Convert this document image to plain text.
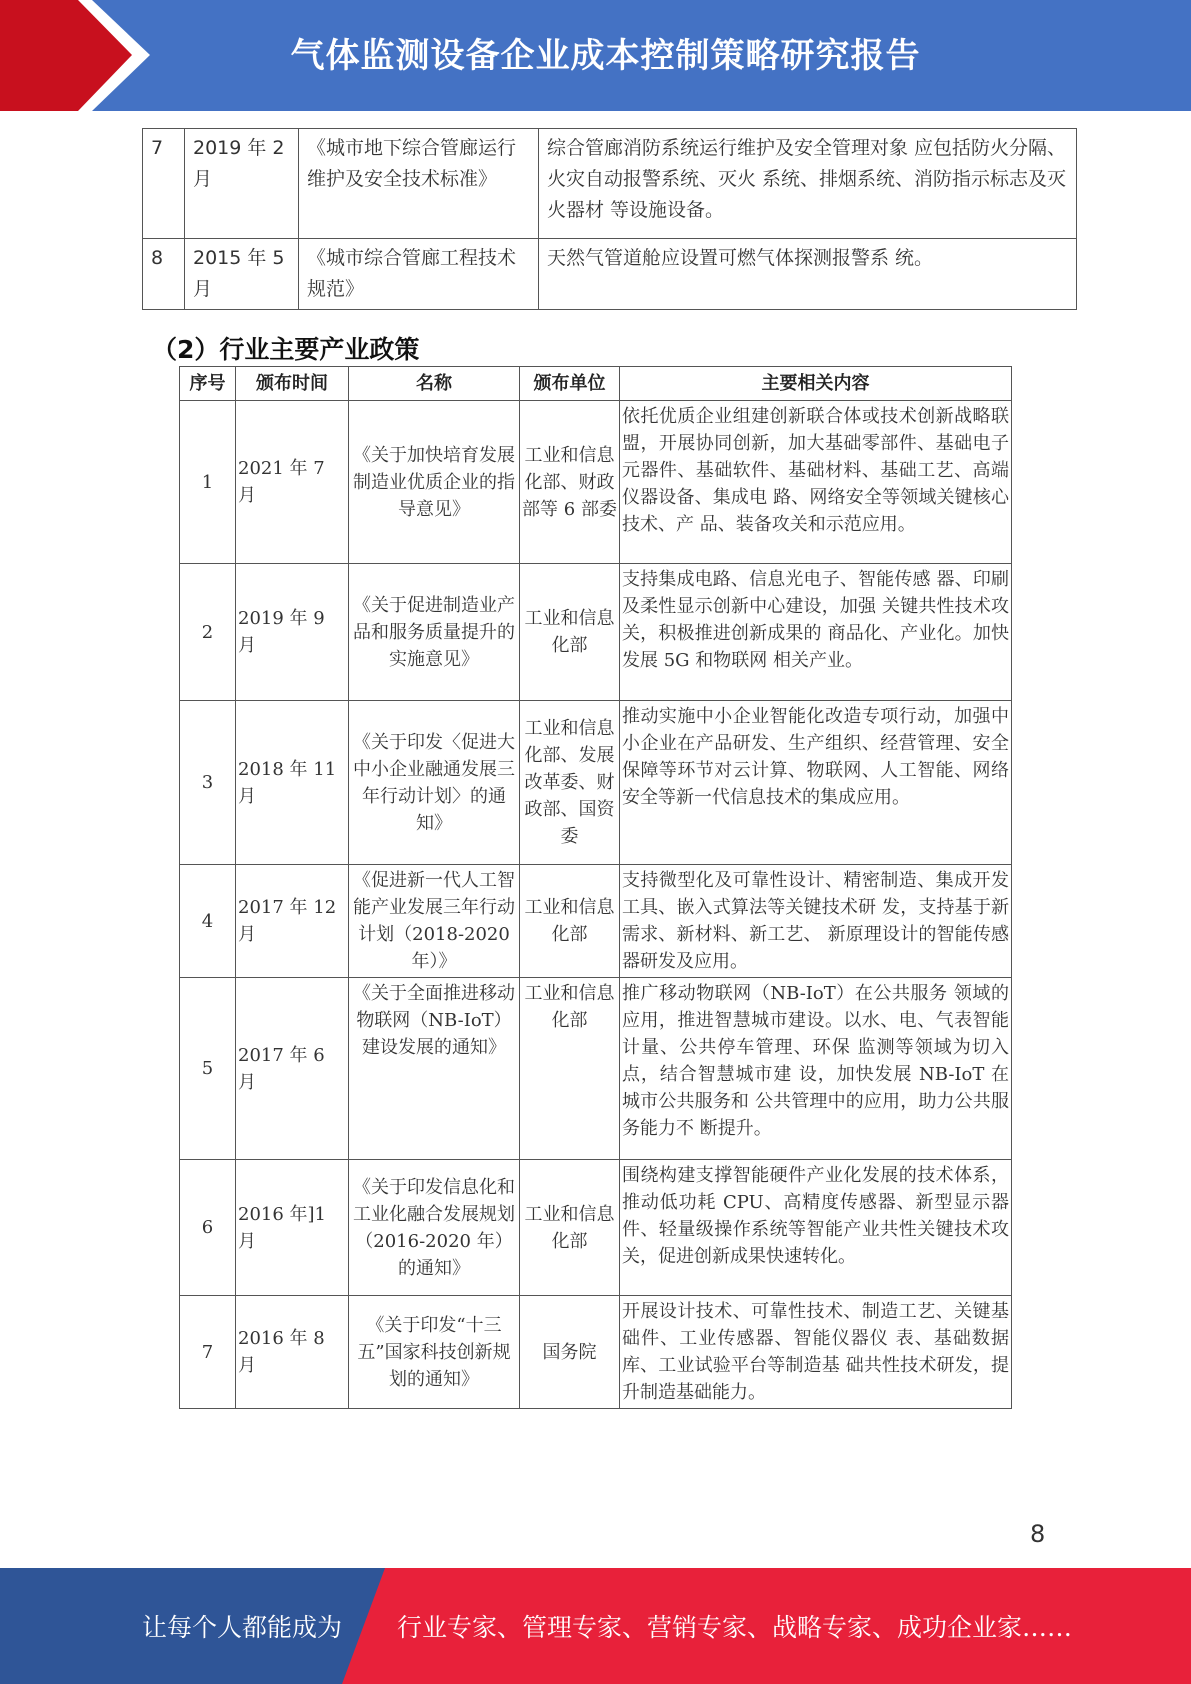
气体监测设备企业成本控制策略研究报告
7	2019 年 2 月	《城市地下综合管廊运行 维护及安全技术标准》	综合管廊消防系统运行维护及安全管理对象 应包括防火分隔、火灾自动报警系统、灭火 系统、排烟系统、消防指示标志及灭火器材 等设施设备。
8	2015 年 5 月	《城市综合管廊工程技术 规范》	天然气管道舱应设置可燃气体探测报警系 统。
（2）行业主要产业政策
序号	颁布时间	名称	颁布单位	主要相关内容
1	2021 年 7 月	《关于加快培育发展制造业优质企业的指导意见》	工业和信息化部、财政部等 6 部委	依托优质企业组建创新联合体或技术创新战略联盟，开展协同创新，加大基础零部件、基础电子元器件、基础软件、基础材料、基础工艺、高端仪器设备、集成电 路、网络安全等领域关键核心技术、产 品、装备攻关和示范应用。
2	2019 年 9 月	《关于促进制造业产品和服务质量提升的实施意见》	工业和信息化部	支持集成电路、信息光电子、智能传感 器、印刷及柔性显示创新中心建设，加强 关键共性技术攻关，积极推进创新成果的 商品化、产业化。加快发展 5G 和物联网 相关产业。
3	2018 年 11 月	《关于印发〈促进大中小企业融通发展三年行动计划〉的通知》	工业和信息化部、发展改革委、财政部、国资委	推动实施中小企业智能化改造专项行动，加强中小企业在产品研发、生产组织、经营管理、安全保障等环节对云计算、物联网、人工智能、网络安全等新一代信息技术的集成应用。
4	2017 年 12 月	《促进新一代人工智能产业发展三年行动计划（2018-2020 年）》	工业和信息化部	支持微型化及可靠性设计、精密制造、集成开发工具、嵌入式算法等关键技术研 发，支持基于新需求、新材料、新工艺、 新原理设计的智能传感器研发及应用。
5	2017 年 6 月	《关于全面推进移动物联网（NB-IoT）建设发展的通知》	工业和信息化部	推广移动物联网（NB-IoT）在公共服务 领域的应用，推进智慧城市建设。以水、电、气表智能计量、公共停车管理、环保 监测等领域为切入点，结合智慧城市建 设，加快发展 NB-IoT 在城市公共服务和 公共管理中的应用，助力公共服务能力不 断提升。
6	2016 年]1 月	《关于印发信息化和工业化融合发展规划（2016-2020 年）的通知》	工业和信息化部	围绕构建支撑智能硬件产业化发展的技术体系，推动低功耗 CPU、高精度传感器、新型显示器件、轻量级操作系统等智能产业共性关键技术攻关，促进创新成果快速转化。
7	2016 年 8 月	《关于印发“十三五”国家科技创新规划的通知》	国务院	开展设计技术、可靠性技术、制造工艺、关键基础件、工业传感器、智能仪器仪 表、基础数据库、工业试验平台等制造基 础共性技术研发，提升制造基础能力。
8
让每个人都能成为 行业专家、管理专家、营销专家、战略专家、成功企业家……
